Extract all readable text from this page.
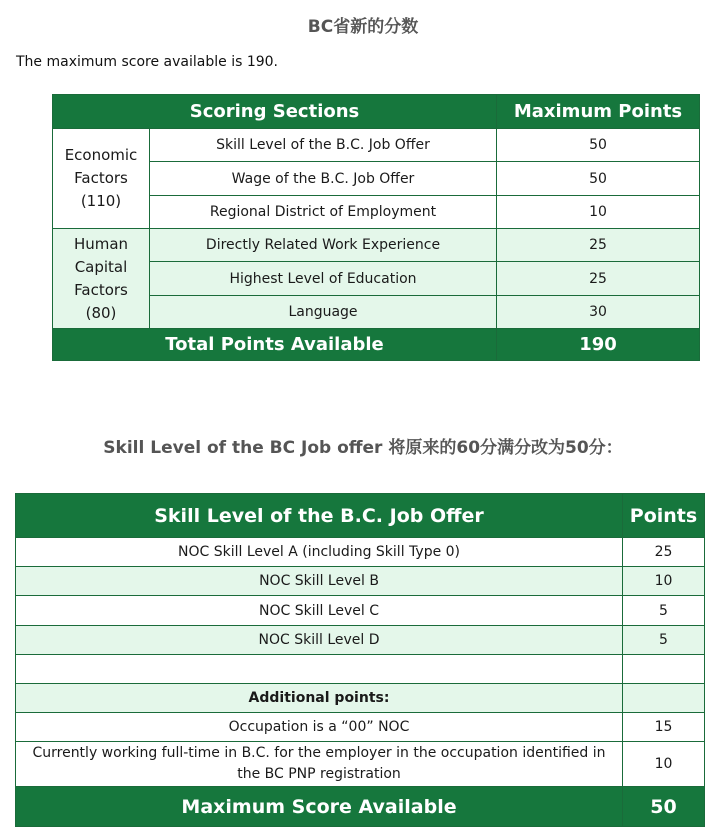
BC省新的分数
The maximum score available is 190.
Scoring Sections		Maximum Points
Economic
Factors
(110)	Skill Level of the B.C. Job Offer	50
	Wage of the B.C. Job Offer	50
	Regional District of Employment	10
Human
Capital
Factors
(80)	Directly Related Work Experience	25
	Highest Level of Education	25
	Language	30
Total Points Available		190
Skill Level of the BC Job offer 将原来的60分满分改为50分：
Skill Level of the B.C. Job Offer	Points
NOC Skill Level A (including Skill Type 0)	25
NOC Skill Level B	10
NOC Skill Level C	5
NOC Skill Level D	5

Additional points:	
Occupation is a “00” NOC	15
Currently working full-time in B.C. for the employer in the occupation identified in the BC PNP registration	10
Maximum Score Available	50
